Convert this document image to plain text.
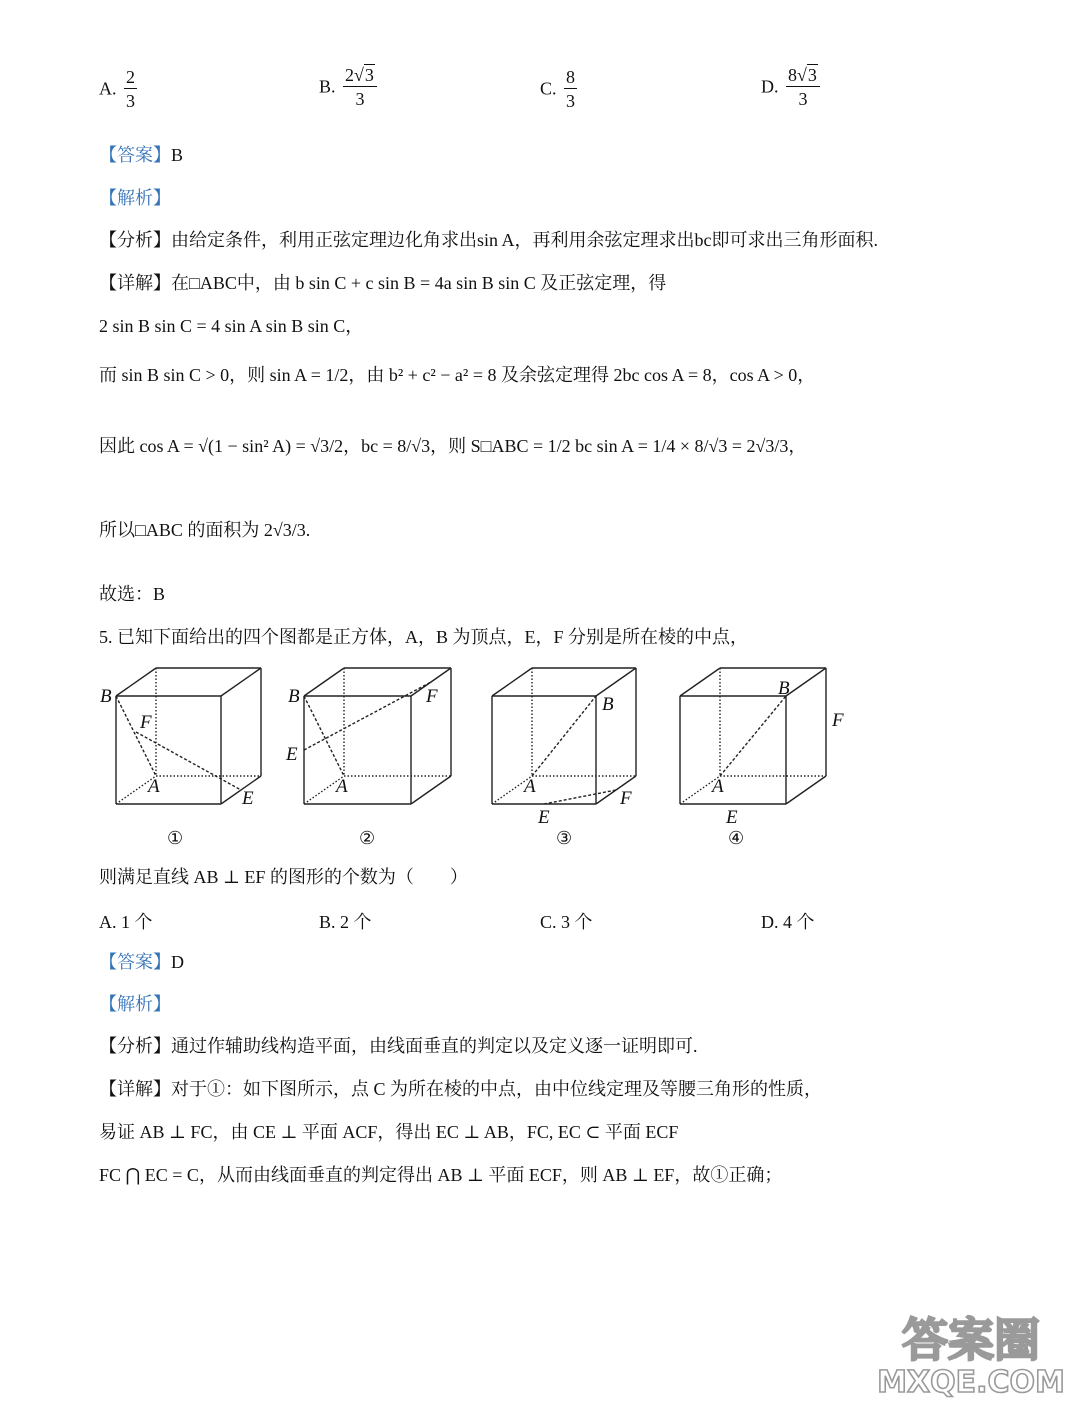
A. $\frac{2}{3}$	B. $\frac{2√3}{3}$	C. $\frac{8}{3}$	D. $\frac{8√3}{3}$
【答案】B
【解析】
【分析】由给定条件，利用正弦定理边化角求出sin A，再利用余弦定理求出bc即可求出三角形面积.
【详解】在□ABC中，由 b sin C + c sin B = 4a sin B sin C 及正弦定理，得
2 sin B sin C = 4 sin A sin B sin C，
而 sin B sin C > 0，则 sin A = 1/2，由 b² + c² − a² = 8 及余弦定理得 2bc cos A = 8，cos A > 0，
因此 cos A = √(1 − sin² A) = √3/2，bc = 8/√3，则 S□ABC = 1/2 bc sin A = 1/4 × 8/√3 = 2√3/3，
所以□ABC 的面积为 2√3/3.
故选：B
5. 已知下面给出的四个图都是正方体，A，B 为顶点，E，F 分别是所在棱的中点，
B
F
A
E
B	F
E
A
B
A
F
E
B
F
A
E
①	②	③	④
则满足直线 AB ⊥ EF 的图形的个数为（　　）
A. 1 个	B. 2 个	C. 3 个	D. 4 个
【答案】D
【解析】
【分析】通过作辅助线构造平面，由线面垂直的判定以及定义逐一证明即可.
【详解】对于①：如下图所示，点 C 为所在棱的中点，由中位线定理及等腰三角形的性质，
易证 AB ⊥ FC，由 CE ⊥ 平面 ACF，得出 EC ⊥ AB，FC, EC ⊂ 平面 ECF
FC ⋂ EC = C，从而由线面垂直的判定得出 AB ⊥ 平面 ECF，则 AB ⊥ EF，故①正确；
答案圈
MXQE.COM
